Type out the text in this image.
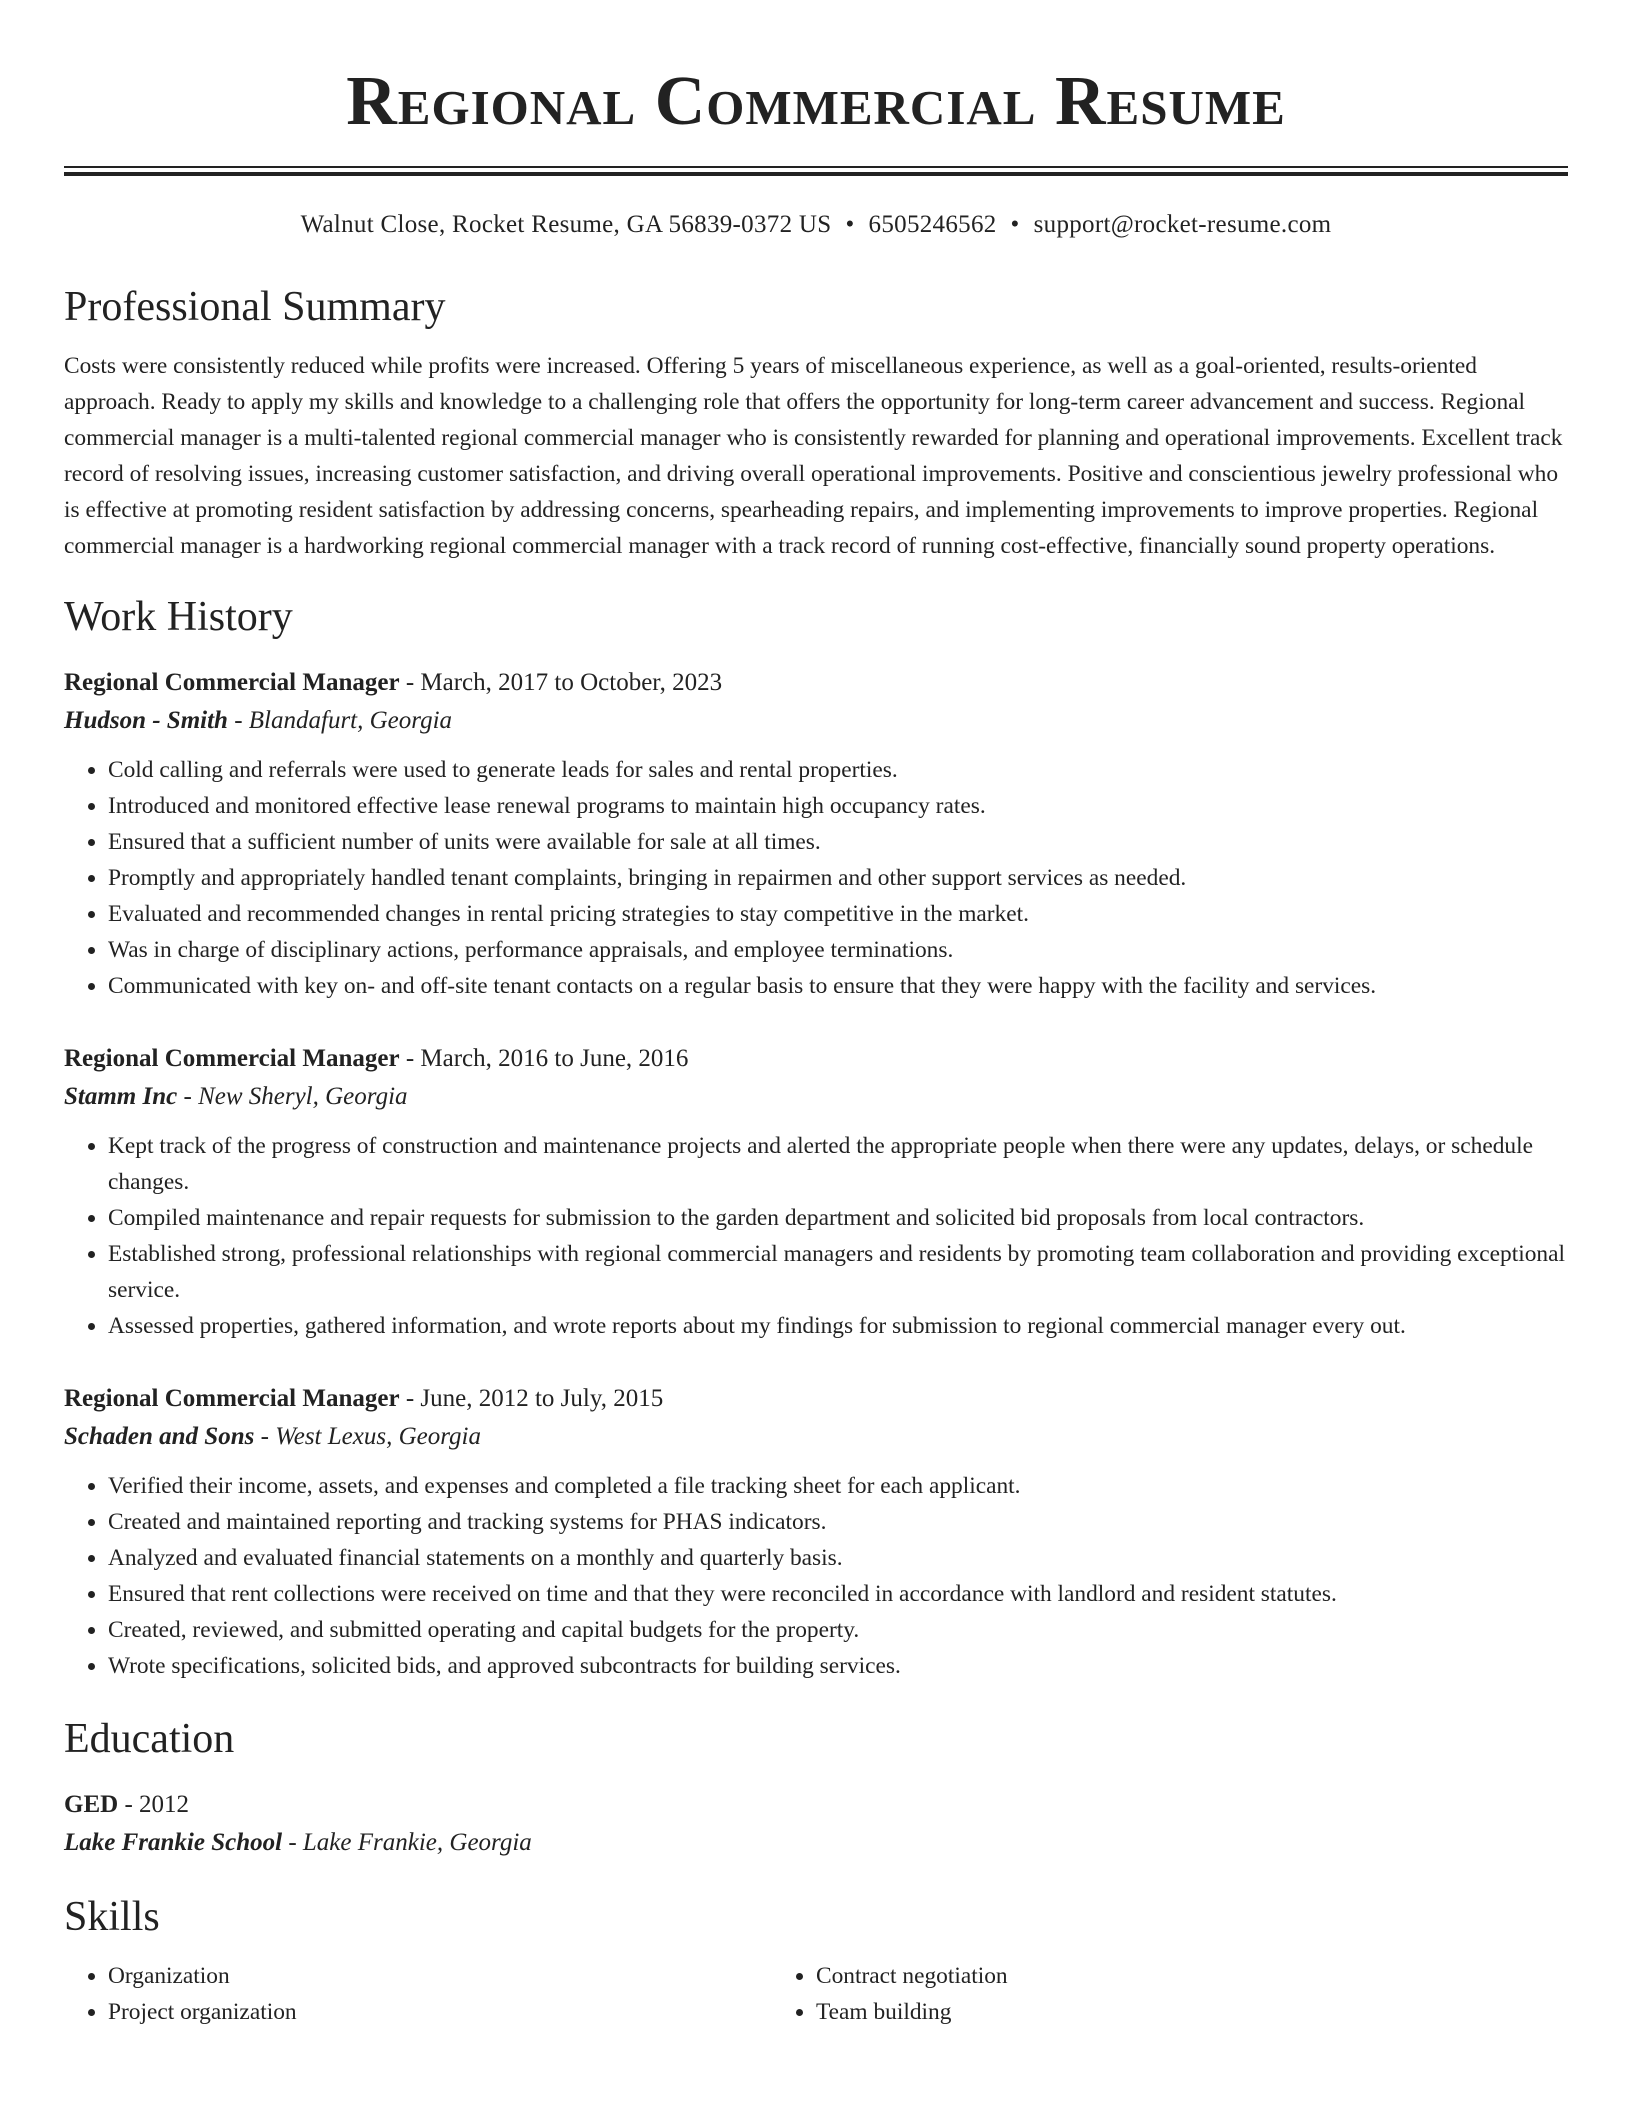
Regional Commercial Resume
Walnut Close, Rocket Resume, GA 56839-0372 US • 6505246562 • support@rocket-resume.com
Professional Summary

Costs were consistently reduced while profits were increased. Offering 5 years of miscellaneous experience, as well as a goal-oriented, results-oriented approach. Ready to apply my skills and knowledge to a challenging role that offers the opportunity for long-term career advancement and success. Regional commercial manager is a multi-talented regional commercial manager who is consistently rewarded for planning and operational improvements. Excellent track record of resolving issues, increasing customer satisfaction, and driving overall operational improvements. Positive and conscientious jewelry professional who is effective at promoting resident satisfaction by addressing concerns, spearheading repairs, and implementing improvements to improve properties. Regional commercial manager is a hardworking regional commercial manager with a track record of running cost-effective, financially sound property operations.

Work History
Regional Commercial Manager - March, 2017 to October, 2023
Hudson - Smith - Blandafurt, Georgia
• Cold calling and referrals were used to generate leads for sales and rental properties.
• Introduced and monitored effective lease renewal programs to maintain high occupancy rates.
• Ensured that a sufficient number of units were available for sale at all times.
• Promptly and appropriately handled tenant complaints, bringing in repairmen and other support services as needed.
• Evaluated and recommended changes in rental pricing strategies to stay competitive in the market.
• Was in charge of disciplinary actions, performance appraisals, and employee terminations.
• Communicated with key on- and off-site tenant contacts on a regular basis to ensure that they were happy with the facility and services.
Regional Commercial Manager - March, 2016 to June, 2016
Stamm Inc - New Sheryl, Georgia
• Kept track of the progress of construction and maintenance projects and alerted the appropriate people when there were any updates, delays, or schedule changes.
• Compiled maintenance and repair requests for submission to the garden department and solicited bid proposals from local contractors.
• Established strong, professional relationships with regional commercial managers and residents by promoting team collaboration and providing exceptional service.
• Assessed properties, gathered information, and wrote reports about my findings for submission to regional commercial manager every out.
Regional Commercial Manager - June, 2012 to July, 2015
Schaden and Sons - West Lexus, Georgia
• Verified their income, assets, and expenses and completed a file tracking sheet for each applicant.
• Created and maintained reporting and tracking systems for PHAS indicators.
• Analyzed and evaluated financial statements on a monthly and quarterly basis.
• Ensured that rent collections were received on time and that they were reconciled in accordance with landlord and resident statutes.
• Created, reviewed, and submitted operating and capital budgets for the property.
• Wrote specifications, solicited bids, and approved subcontracts for building services.
Education
GED - 2012
Lake Frankie School - Lake Frankie, Georgia
Skills
• Organization
• Project organization
• Contract negotiation
• Team building
